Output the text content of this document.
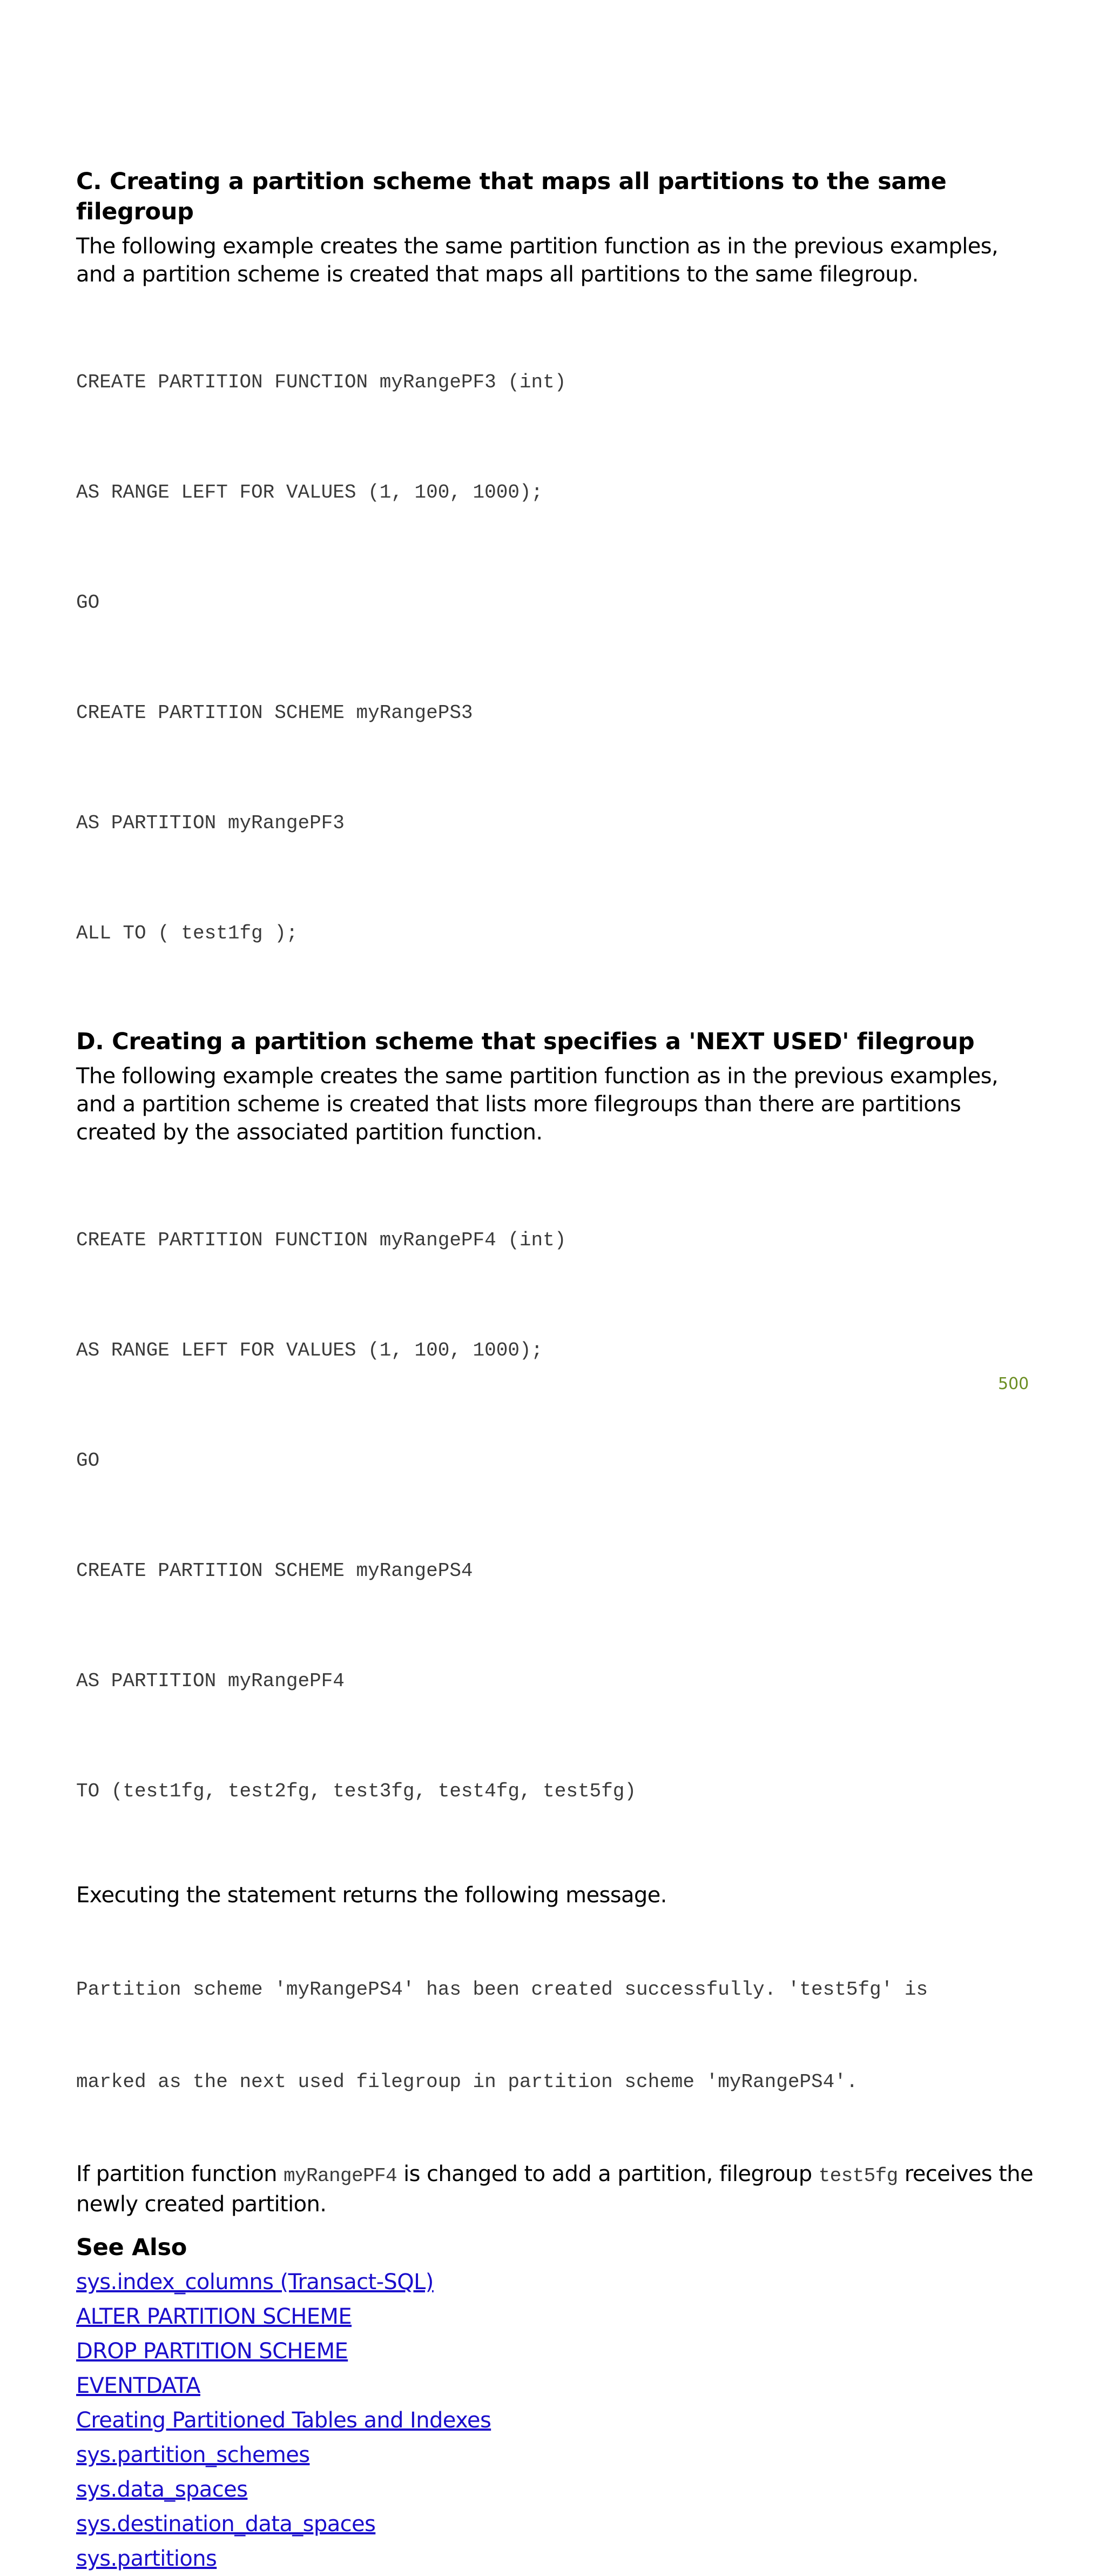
C. Creating a partition scheme that maps all partitions to the same filegroup

The following example creates the same partition function as in the previous examples, and a partition scheme is created that maps all partitions to the same filegroup.

CREATE PARTITION FUNCTION myRangePF3 (int)

AS RANGE LEFT FOR VALUES (1, 100, 1000);

GO

CREATE PARTITION SCHEME myRangePS3

AS PARTITION myRangePF3

ALL TO ( test1fg );

D. Creating a partition scheme that specifies a 'NEXT USED' filegroup

The following example creates the same partition function as in the previous examples, and a partition scheme is created that lists more filegroups than there are partitions created by the associated partition function.

CREATE PARTITION FUNCTION myRangePF4 (int)

AS RANGE LEFT FOR VALUES (1, 100, 1000);

GO

CREATE PARTITION SCHEME myRangePS4

AS PARTITION myRangePF4

TO (test1fg, test2fg, test3fg, test4fg, test5fg)

Executing the statement returns the following message.

Partition scheme 'myRangePS4' has been created successfully. 'test5fg' is

marked as the next used filegroup in partition scheme 'myRangePS4'.

If partition function myRangePF4 is changed to add a partition, filegroup test5fg receives the newly created partition.

See Also
sys.index_columns (Transact-SQL)
ALTER PARTITION SCHEME
DROP PARTITION SCHEME
EVENTDATA
Creating Partitioned Tables and Indexes
sys.partition_schemes
sys.data_spaces
sys.destination_data_spaces
sys.partitions
500
